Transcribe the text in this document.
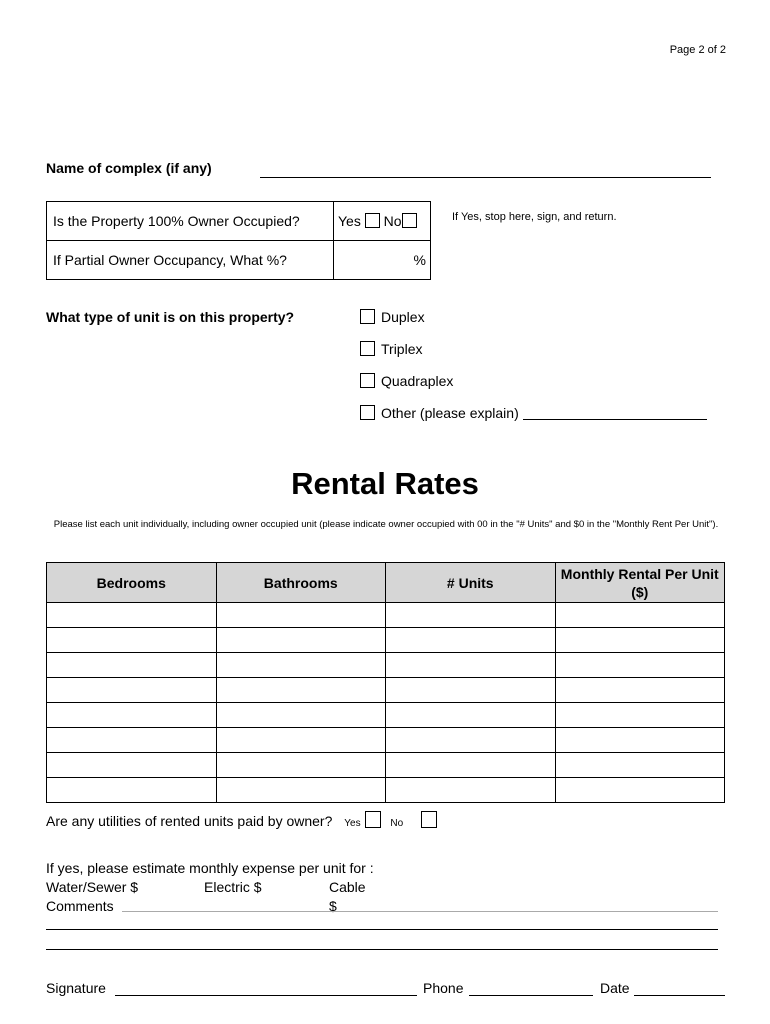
Page 2 of 2
Name of complex (if any)
Is the Property 100% Owner Occupied?	Yes No
If Partial Owner Occupancy, What %?	%
If Yes, stop here, sign, and return.
What type of unit is on this property?	Duplex
Triplex
Quadraplex
Other (please explain)
Rental Rates
Please list each unit individually, including owner occupied unit (please indicate owner occupied with 00 in the "# Units" and $0 in the "Monthly Rent Per Unit").
Bedrooms	Bathrooms	# Units	Monthly Rental Per Unit ($)

Are any utilities of rented units paid by owner? Yes	No
If yes, please estimate monthly expense per unit for :
Water/Sewer $	Electric $	Cable $
Comments
Signature	Phone	Date
